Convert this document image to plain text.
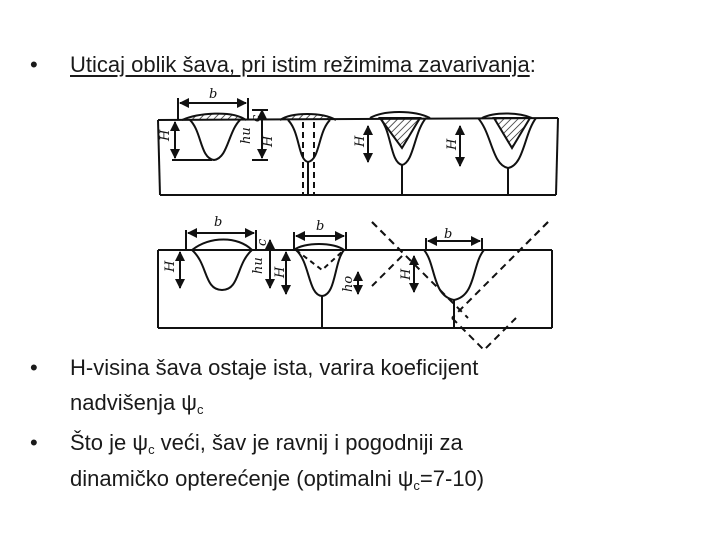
• Uticaj oblik šava, pri istim režimima zavarivanja:
b
c
H	hu H	H	H
b
c
H	hu H
b
ho
H
b
• H-visina šava ostaje ista, varira koeficijent
nadvišenja $\psi_c$
• Što je $\psi_c$ veći, šav je ravnij i pogodniji za
dinamičko opterećenje (optimalni $\psi_c=7-10$)
